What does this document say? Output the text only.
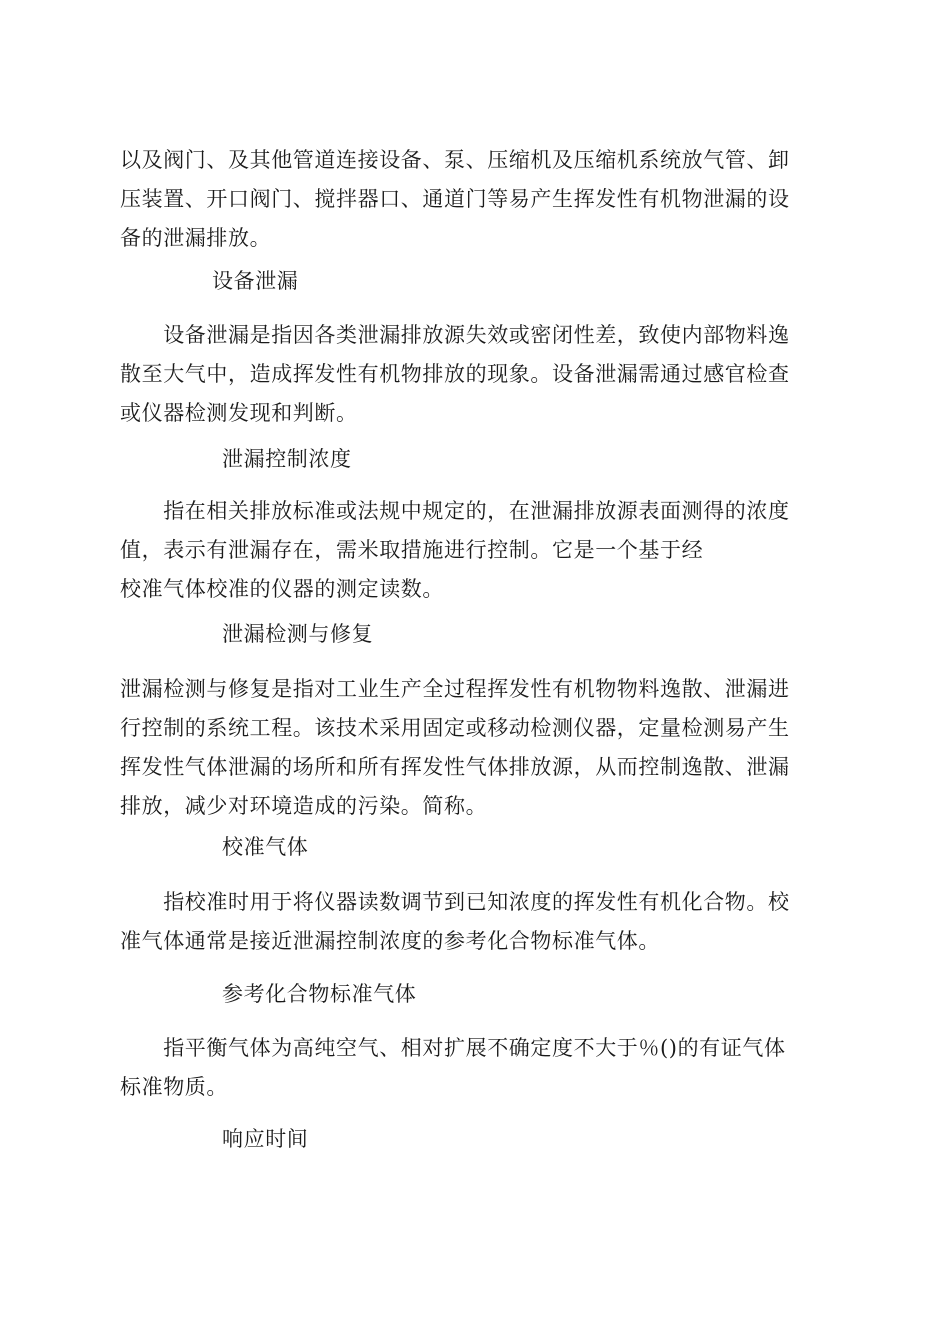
以及阀门、及其他管道连接设备、泵、压缩机及压缩机系统放气管、卸
压装置、开口阀门、搅拌器口、通道门等易产生挥发性有机物泄漏的设
备的泄漏排放。

设备泄漏

　　设备泄漏是指因各类泄漏排放源失效或密闭性差，致使内部物料逸
散至大气中，造成挥发性有机物排放的现象。设备泄漏需通过感官检查
或仪器检测发现和判断。

泄漏控制浓度

　　指在相关排放标准或法规中规定的，在泄漏排放源表面测得的浓度
值，表示有泄漏存在，需米取措施进行控制。它是一个基于经
校准气体校准的仪器的测定读数。

泄漏检测与修复

泄漏检测与修复是指对工业生产全过程挥发性有机物物料逸散、泄漏进
行控制的系统工程。该技术采用固定或移动检测仪器，定量检测易产生
挥发性气体泄漏的场所和所有挥发性气体排放源，从而控制逸散、泄漏
排放，减少对环境造成的污染。简称。

校准气体

　　指校准时用于将仪器读数调节到已知浓度的挥发性有机化合物。校
准气体通常是接近泄漏控制浓度的参考化合物标准气体。

参考化合物标准气体

　　指平衡气体为高纯空气、相对扩展不确定度不大于％()的有证气体
标准物质。

响应时间
